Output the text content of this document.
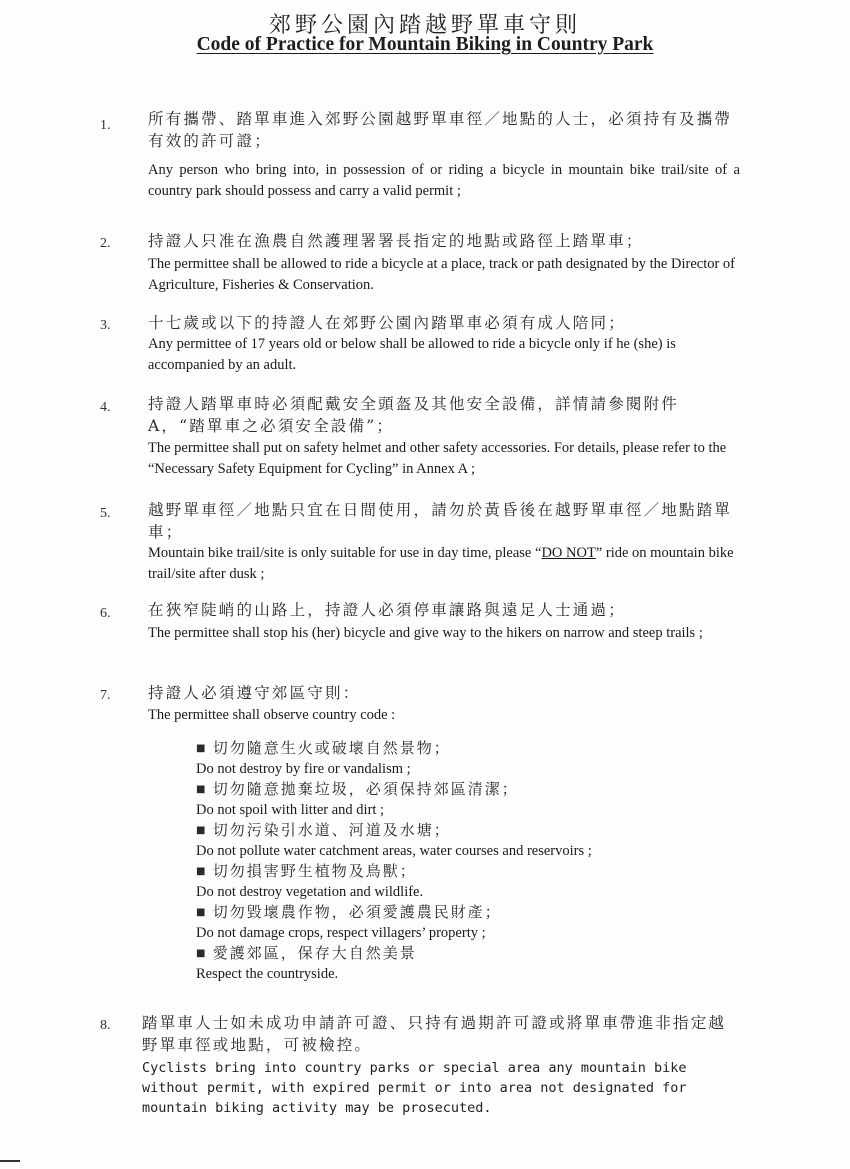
郊野公園內踏越野單車守則
Code of Practice for Mountain Biking in Country Park
1. 所有攜帶、踏單車進入郊野公園越野單車徑／地點的人士，必須持有及攜帶有效的許可證；
Any person who bring into, in possession of or riding a bicycle in mountain bike trail/site of a country park should possess and carry a valid permit ;
2. 持證人只准在漁農自然護理署署長指定的地點或路徑上踏單車；
The permittee shall be allowed to ride a bicycle at a place, track or path designated by the Director of Agriculture, Fisheries & Conservation.
3. 十七歲或以下的持證人在郊野公園內踏單車必須有成人陪同；
Any permittee of 17 years old or below shall be allowed to ride a bicycle only if he (she) is accompanied by an adult.
4. 持證人踏單車時必須配戴安全頭盔及其他安全設備，詳情請參閱附件 A，“踏單車之必須安全設備”；
The permittee shall put on safety helmet and other safety accessories. For details, please refer to the “Necessary Safety Equipment for Cycling” in Annex A ;
5. 越野單車徑／地點只宜在日間使用，請勿於黃昏後在越野單車徑／地點踏單車；
Mountain bike trail/site is only suitable for use in day time, please “DO NOT” ride on mountain bike trail/site after dusk ;
6. 在狹窄陡峭的山路上，持證人必須停車讓路與遠足人士通過；
The permittee shall stop his (her) bicycle and give way to the hikers on narrow and steep trails ;
7. 持證人必須遵守郊區守則：
The permittee shall observe country code :
■ 切勿隨意生火或破壞自然景物；
Do not destroy by fire or vandalism ;
■ 切勿隨意拋棄垃圾，必須保持郊區清潔；
Do not spoil with litter and dirt ;
■ 切勿污染引水道、河道及水塘；
Do not pollute water catchment areas, water courses and reservoirs ;
■ 切勿損害野生植物及鳥獸；
Do not destroy vegetation and wildlife.
■ 切勿毀壞農作物，必須愛護農民財產；
Do not damage crops, respect villagers’ property ;
■ 愛護郊區，保存大自然美景
Respect the countryside.
8. 踏單車人士如未成功申請許可證、只持有過期許可證或將單車帶進非指定越野單車徑或地點，可被檢控。
Cyclists bring into country parks or special area any mountain bike without permit, with expired permit or into area not designated for mountain biking activity may be prosecuted.
